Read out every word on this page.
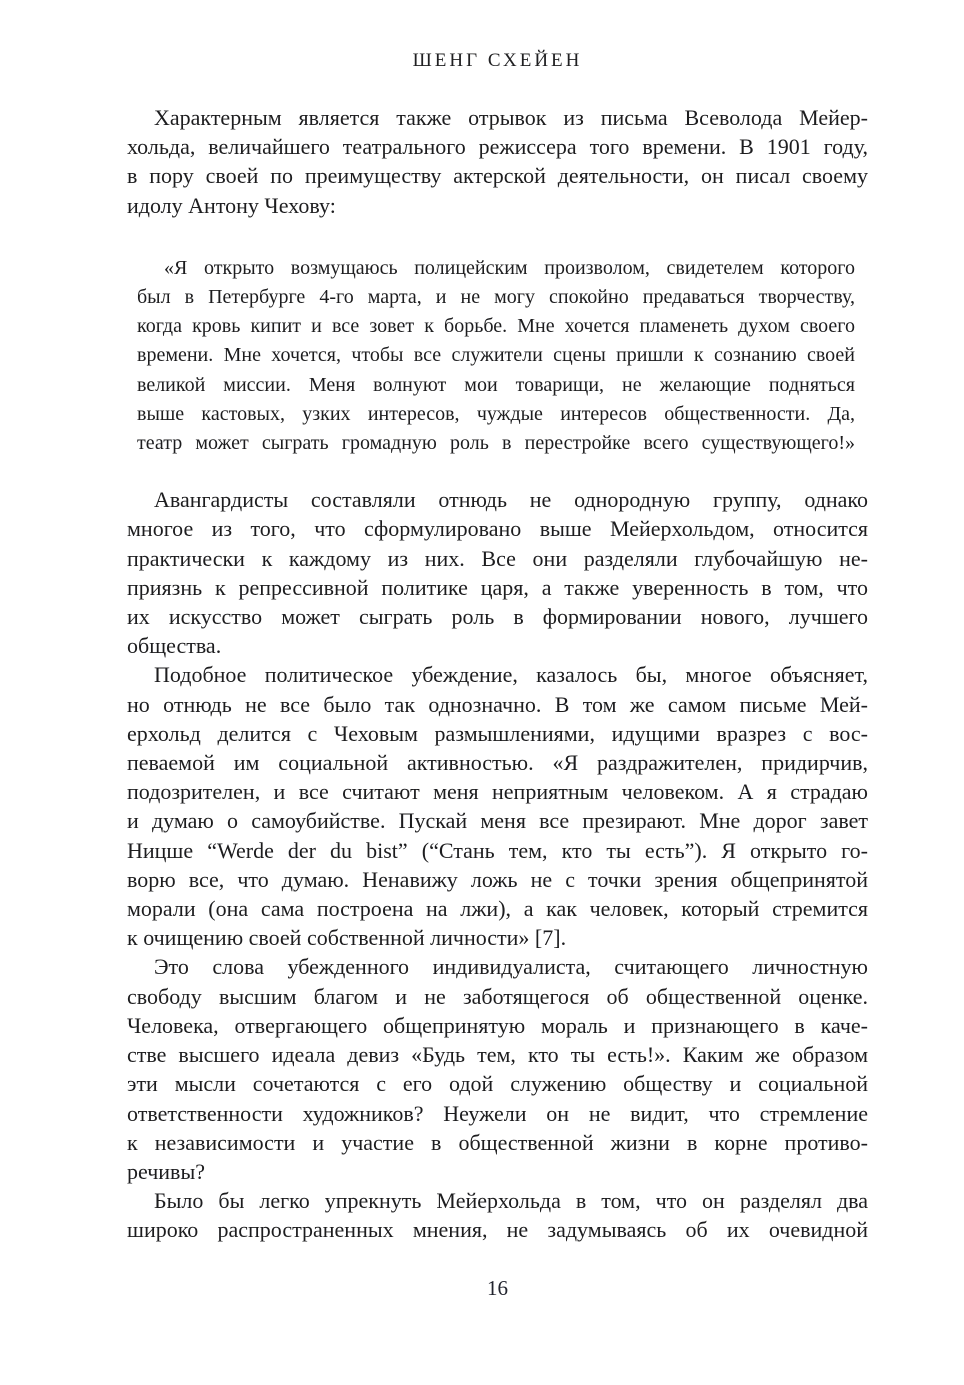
ШЕНГ СХЕЙЕН
Характерным является также отрывок из письма Всеволода Мейер-
хольда, величайшего театрального режиссера того времени. В 1901 году,
в пору своей по преимуществу актерской деятельности, он писал своему
идолу Антону Чехову:
«Я открыто возмущаюсь полицейским произволом, свидетелем которого
был в Петербурге 4-го марта, и не могу спокойно предаваться творчеству,
когда кровь кипит и все зовет к борьбе. Мне хочется пламенеть духом своего
времени. Мне хочется, чтобы все служители сцены пришли к сознанию своей
великой миссии. Меня волнуют мои товарищи, не желающие подняться
выше кастовых, узких интересов, чуждые интересов общественности. Да,
театр может сыграть громадную роль в перестройке всего существующего!»
Авангардисты составляли отнюдь не однородную группу, однако
многое из того, что сформулировано выше Мейерхольдом, относится
практически к каждому из них. Все они разделяли глубочайшую не-
приязнь к репрессивной политике царя, а также уверенность в том, что
их искусство может сыграть роль в формировании нового, лучшего
общества.
Подобное политическое убеждение, казалось бы, многое объясняет,
но отнюдь не все было так однозначно. В том же самом письме Мей-
ерхольд делится с Чеховым размышлениями, идущими вразрез с вос-
певаемой им социальной активностью. «Я раздражителен, придирчив,
подозрителен, и все считают меня неприятным человеком. А я страдаю
и думаю о самоубийстве. Пускай меня все презирают. Мне дорог завет
Ницше “Werde der du bist” (“Стань тем, кто ты есть”). Я открыто го-
ворю все, что думаю. Ненавижу ложь не с точки зрения общепринятой
морали (она сама построена на лжи), а как человек, который стремится
к очищению своей собственной личности» [7].
Это слова убежденного индивидуалиста, считающего личностную
свободу высшим благом и не заботящегося об общественной оценке.
Человека, отвергающего общепринятую мораль и признающего в каче-
стве высшего идеала девиз «Будь тем, кто ты есть!». Каким же образом
эти мысли сочетаются с его одой служению обществу и социальной
ответственности художников? Неужели он не видит, что стремление
к независимости и участие в общественной жизни в корне противо-
речивы?
Было бы легко упрекнуть Мейерхольда в том, что он разделял два
широко распространенных мнения, не задумываясь об их очевидной
16
